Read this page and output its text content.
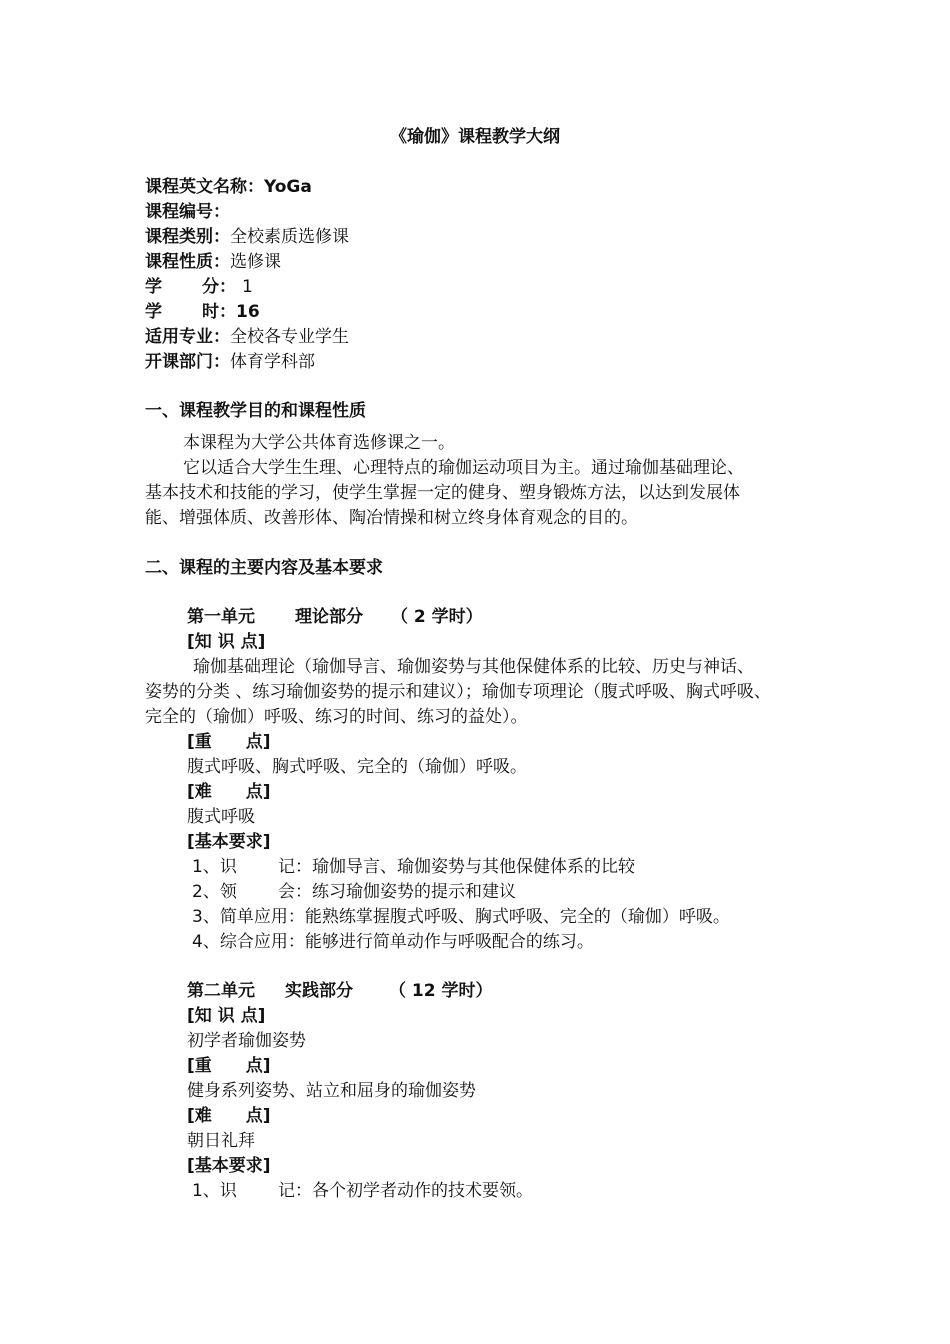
《瑜伽》课程教学大纲
课程英文名称：YoGa
课程编号：
课程类别：全校素质选修课
课程性质：选修课
学 分： 1
学 时：16
适用专业：全校各专业学生
开课部门：体育学科部
一、课程教学目的和课程性质
本课程为大学公共体育选修课之一。
它以适合大学生生理、心理特点的瑜伽运动项目为主。通过瑜伽基础理论、
基本技术和技能的学习，使学生掌握一定的健身、塑身锻炼方法，以达到发展体
能、增强体质、改善形体、陶冶情操和树立终身体育观念的目的。
二、课程的主要内容及基本要求
第一单元 理论部分 （ 2 学时）
[知 识 点]
瑜伽基础理论（瑜伽导言、瑜伽姿势与其他保健体系的比较、历史与神话、
姿势的分类 、练习瑜伽姿势的提示和建议）；瑜伽专项理论（腹式呼吸、胸式呼吸、
完全的（瑜伽）呼吸、练习的时间、练习的益处）。
[重　　点]
腹式呼吸、胸式呼吸、完全的（瑜伽）呼吸。
[难　　点]
腹式呼吸
[基本要求]
1、识 记：瑜伽导言、瑜伽姿势与其他保健体系的比较
2、领 会：练习瑜伽姿势的提示和建议
3、简单应用：能熟练掌握腹式呼吸、胸式呼吸、完全的（瑜伽）呼吸。
4、综合应用：能够进行简单动作与呼吸配合的练习。
第二单元 实践部分 （ 12 学时）
[知 识 点]
初学者瑜伽姿势
[重　　点]
健身系列姿势、站立和屈身的瑜伽姿势
[难　　点]
朝日礼拜
[基本要求]
1、识 记：各个初学者动作的技术要领。
